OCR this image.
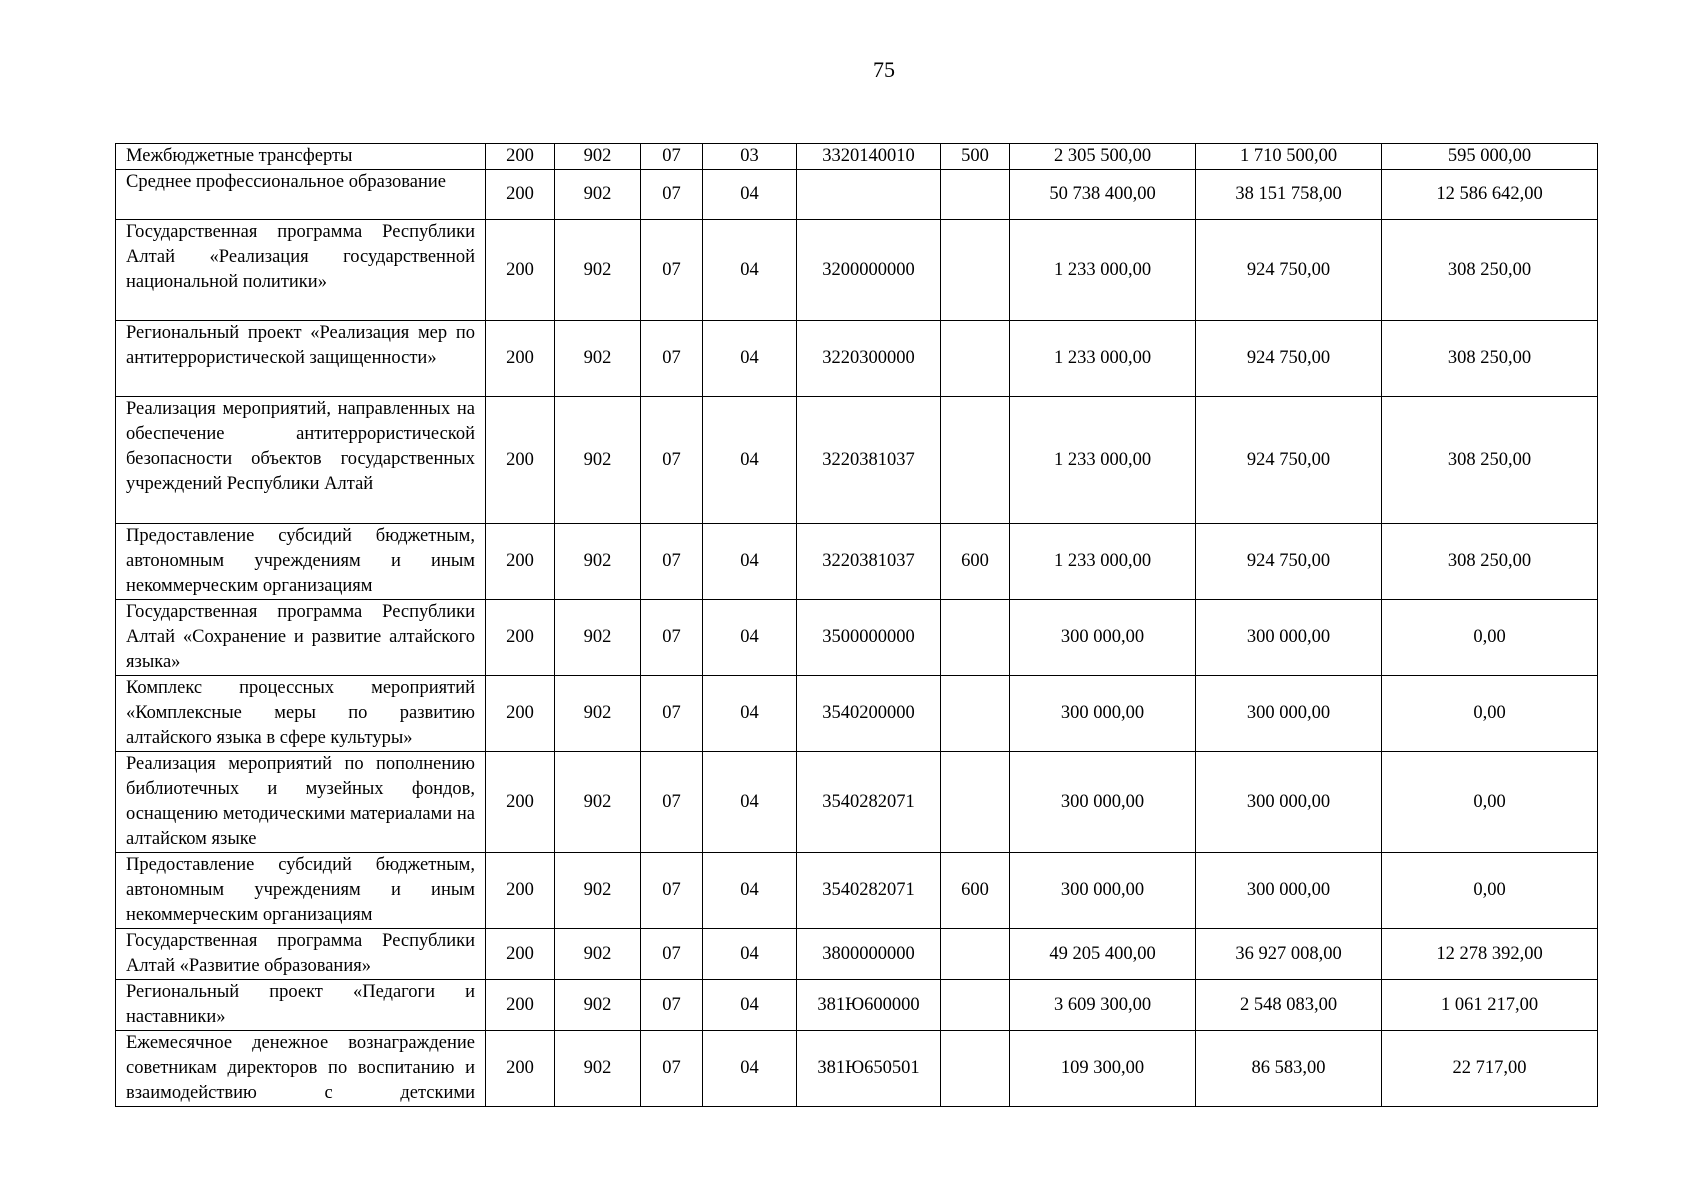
75
Межбюджетные трансферты	200	902	07	03	3320140010	500	2 305 500,00	1 710 500,00	595 000,00
Среднее профессиональное образование	200	902	07	04			50 738 400,00	38 151 758,00	12 586 642,00
Государственная программа Республики Алтай «Реализация государственной национальной политики»	200	902	07	04	3200000000		1 233 000,00	924 750,00	308 250,00
Региональный проект «Реализация мер по антитеррористической защищенности»	200	902	07	04	3220300000		1 233 000,00	924 750,00	308 250,00
Реализация мероприятий, направленных на обеспечение антитеррористической безопасности объектов государственных учреждений Республики Алтай	200	902	07	04	3220381037		1 233 000,00	924 750,00	308 250,00
Предоставление субсидий бюджетным, автономным учреждениям и иным некоммерческим организациям	200	902	07	04	3220381037	600	1 233 000,00	924 750,00	308 250,00
Государственная программа Республики Алтай «Сохранение и развитие алтайского языка»	200	902	07	04	3500000000		300 000,00	300 000,00	0,00
Комплекс процессных мероприятий «Комплексные меры по развитию алтайского языка в сфере культуры»	200	902	07	04	3540200000		300 000,00	300 000,00	0,00
Реализация мероприятий по пополнению библиотечных и музейных фондов, оснащению методическими материалами на алтайском языке	200	902	07	04	3540282071		300 000,00	300 000,00	0,00
Предоставление субсидий бюджетным, автономным учреждениям и иным некоммерческим организациям	200	902	07	04	3540282071	600	300 000,00	300 000,00	0,00
Государственная программа Республики Алтай «Развитие образования»	200	902	07	04	3800000000		49 205 400,00	36 927 008,00	12 278 392,00
Региональный проект «Педагоги и наставники»	200	902	07	04	381Ю600000		3 609 300,00	2 548 083,00	1 061 217,00
Ежемесячное денежное вознаграждение советникам директоров по воспитанию и взаимодействию с детскими	200	902	07	04	381Ю650501		109 300,00	86 583,00	22 717,00
